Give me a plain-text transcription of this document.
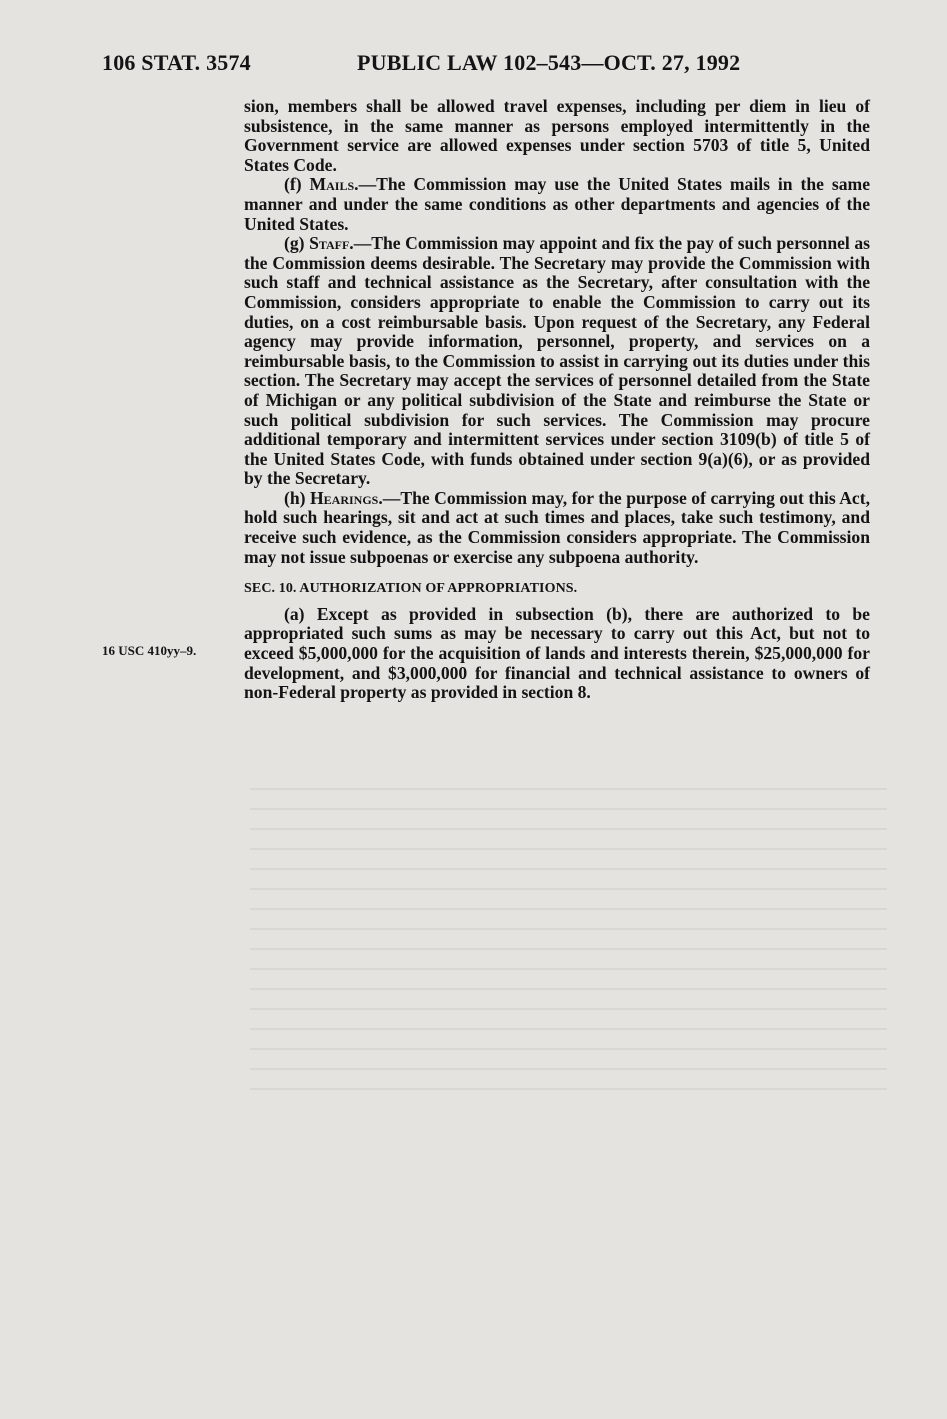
106 STAT. 3574	PUBLIC LAW 102–543—OCT. 27, 1992
16 USC 410yy–9.

sion, members shall be allowed travel expenses, including per diem in lieu of subsistence, in the same manner as persons employed intermittently in the Government service are allowed expenses under section 5703 of title 5, United States Code.

(f) Mails.—The Commission may use the United States mails in the same manner and under the same conditions as other departments and agencies of the United States.

(g) Staff.—The Commission may appoint and fix the pay of such personnel as the Commission deems desirable. The Secretary may provide the Commission with such staff and technical assistance as the Secretary, after consultation with the Commission, considers appropriate to enable the Commission to carry out its duties, on a cost reimbursable basis. Upon request of the Secretary, any Federal agency may provide information, personnel, property, and services on a reimbursable basis, to the Commission to assist in carrying out its duties under this section. The Secretary may accept the services of personnel detailed from the State of Michigan or any political subdivision of the State and reimburse the State or such political subdivision for such services. The Commission may procure additional temporary and intermittent services under section 3109(b) of title 5 of the United States Code, with funds obtained under section 9(a)(6), or as provided by the Secretary.

(h) Hearings.—The Commission may, for the purpose of carrying out this Act, hold such hearings, sit and act at such times and places, take such testimony, and receive such evidence, as the Commission considers appropriate. The Commission may not issue subpoenas or exercise any subpoena authority.

SEC. 10. AUTHORIZATION OF APPROPRIATIONS.

(a) Except as provided in subsection (b), there are authorized to be appropriated such sums as may be necessary to carry out this Act, but not to exceed $5,000,000 for the acquisition of lands and interests therein, $25,000,000 for development, and $3,000,000 for financial and technical assistance to owners of non-Federal property as provided in section 8.
